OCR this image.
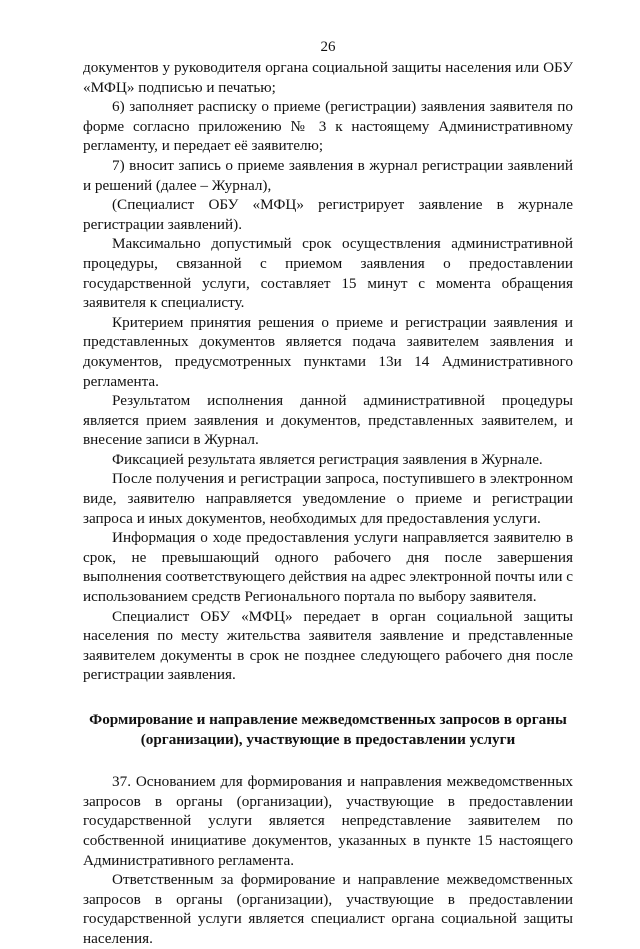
26

документов у руководителя органа социальной защиты населения или ОБУ «МФЦ» подписью и печатью;

6) заполняет расписку о приеме (регистрации) заявления заявителя по форме согласно приложению № 3 к настоящему Административному регламенту, и передает её заявителю;

7) вносит запись о приеме заявления в журнал регистрации заявлений и решений (далее – Журнал),

(Специалист ОБУ «МФЦ» регистрирует заявление в журнале регистрации заявлений).

Максимально допустимый срок осуществления административной процедуры, связанной с приемом заявления о предоставлении государственной услуги, составляет 15 минут с момента обращения заявителя к специалисту.

Критерием принятия решения о приеме и регистрации заявления и представленных документов является подача заявителем заявления и документов, предусмотренных пунктами 13и 14 Административного регламента.

Результатом исполнения данной административной процедуры является прием заявления и документов, представленных заявителем, и внесение записи в Журнал.

Фиксацией результата является регистрация заявления в Журнале.

После получения и регистрации запроса, поступившего в электронном виде, заявителю направляется уведомление о приеме и регистрации запроса и иных документов, необходимых для предоставления услуги.

Информация о ходе предоставления услуги направляется заявителю в срок, не превышающий одного рабочего дня после завершения выполнения соответствующего действия на адрес электронной почты или с использованием средств Регионального портала по выбору заявителя.

Специалист ОБУ «МФЦ» передает в орган социальной защиты населения по месту жительства заявителя заявление и представленные заявителем документы в срок не позднее следующего рабочего дня после регистрации заявления.

Формирование и направление межведомственных запросов в органы (организации), участвующие в предоставлении услуги

37. Основанием для формирования и направления межведомственных запросов в органы (организации), участвующие в предоставлении государственной услуги является непредставление заявителем по собственной инициативе документов, указанных в пункте 15 настоящего Административного регламента.

Ответственным за формирование и направление межведомственных запросов в органы (организации), участвующие в предоставлении государственной услуги является специалист органа социальной защиты населения.
